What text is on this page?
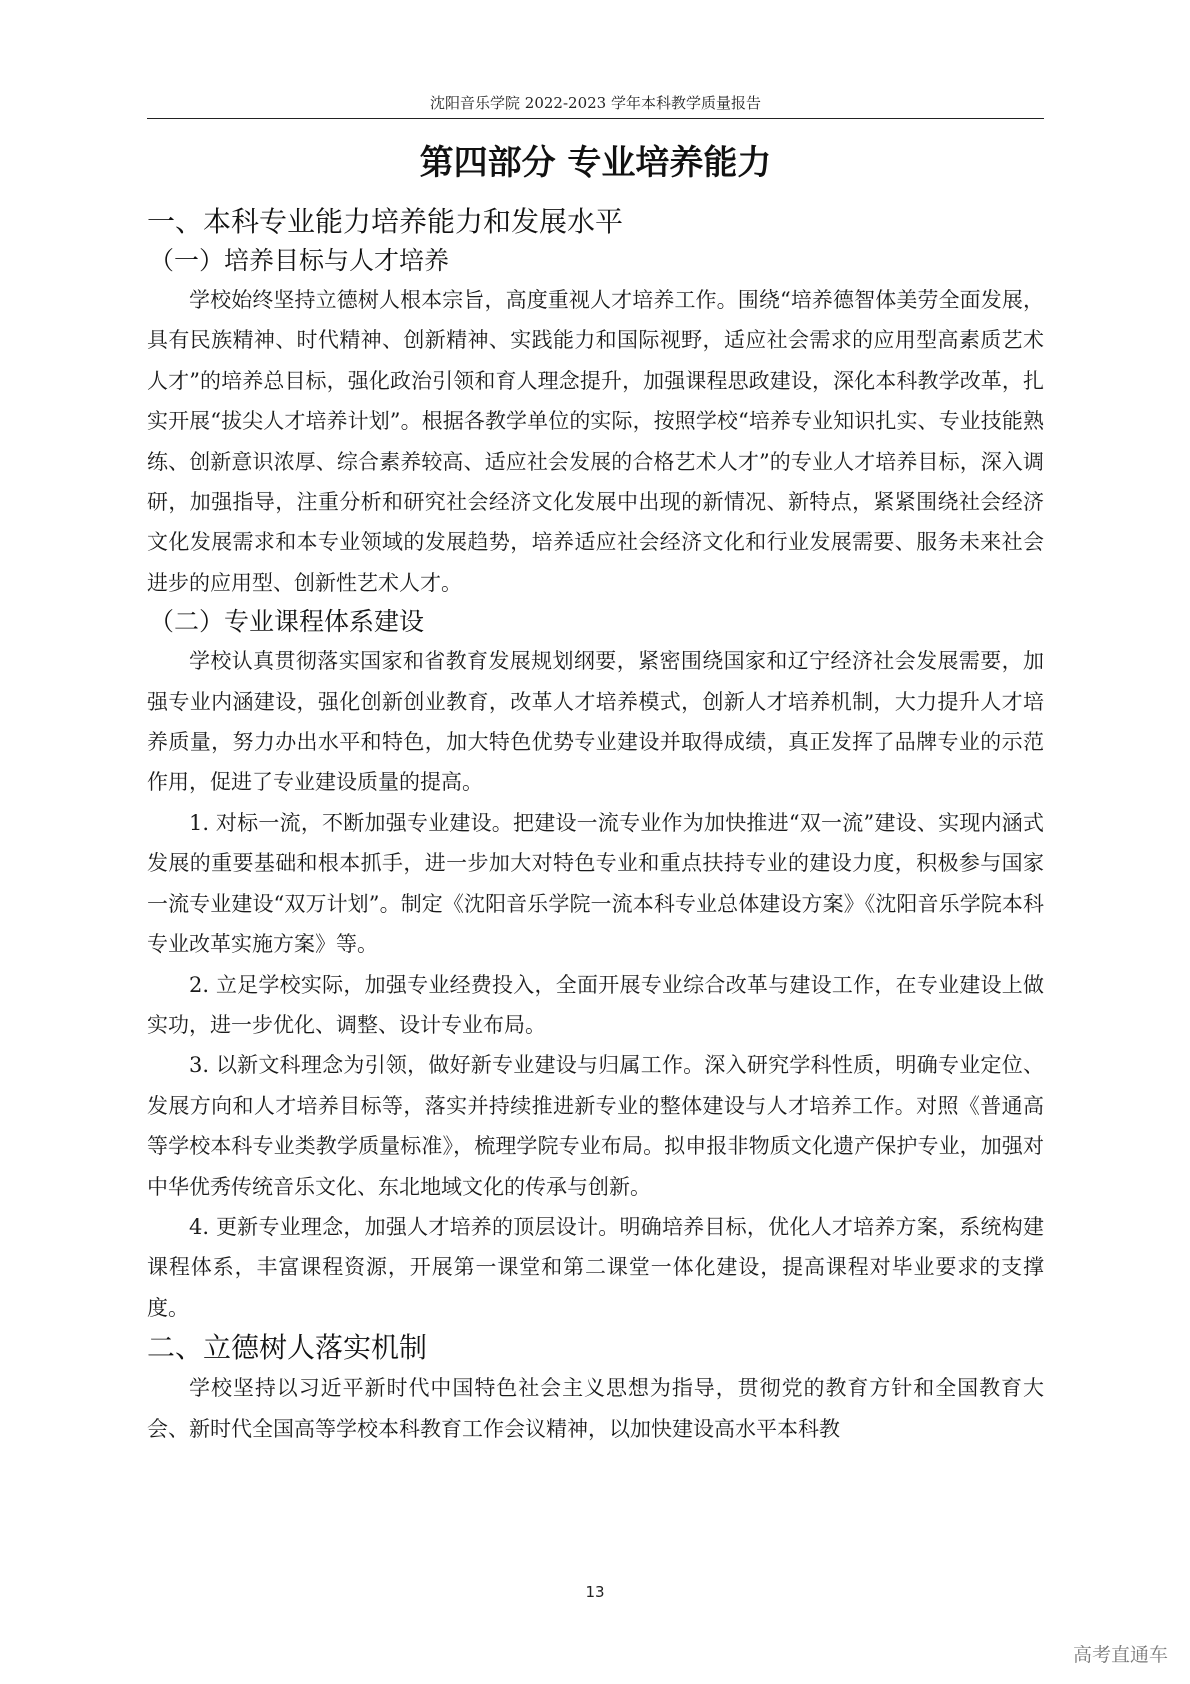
沈阳音乐学院 2022-2023 学年本科教学质量报告
第四部分 专业培养能力
一、本科专业能力培养能力和发展水平
（一）培养目标与人才培养

学校始终坚持立德树人根本宗旨，高度重视人才培养工作。围绕“培养德智体美劳全面发展，具有民族精神、时代精神、创新精神、实践能力和国际视野，适应社会需求的应用型高素质艺术人才”的培养总目标，强化政治引领和育人理念提升，加强课程思政建设，深化本科教学改革，扎实开展“拔尖人才培养计划”。根据各教学单位的实际，按照学校“培养专业知识扎实、专业技能熟练、创新意识浓厚、综合素养较高、适应社会发展的合格艺术人才”的专业人才培养目标，深入调研，加强指导，注重分析和研究社会经济文化发展中出现的新情况、新特点，紧紧围绕社会经济文化发展需求和本专业领域的发展趋势，培养适应社会经济文化和行业发展需要、服务未来社会进步的应用型、创新性艺术人才。

（二）专业课程体系建设

学校认真贯彻落实国家和省教育发展规划纲要，紧密围绕国家和辽宁经济社会发展需要，加强专业内涵建设，强化创新创业教育，改革人才培养模式，创新人才培养机制，大力提升人才培养质量，努力办出水平和特色，加大特色优势专业建设并取得成绩，真正发挥了品牌专业的示范作用，促进了专业建设质量的提高。

1. 对标一流，不断加强专业建设。把建设一流专业作为加快推进“双一流”建设、实现内涵式发展的重要基础和根本抓手，进一步加大对特色专业和重点扶持专业的建设力度，积极参与国家一流专业建设“双万计划”。制定《沈阳音乐学院一流本科专业总体建设方案》《沈阳音乐学院本科专业改革实施方案》等。

2. 立足学校实际，加强专业经费投入，全面开展专业综合改革与建设工作，在专业建设上做实功，进一步优化、调整、设计专业布局。

3. 以新文科理念为引领，做好新专业建设与归属工作。深入研究学科性质，明确专业定位、发展方向和人才培养目标等，落实并持续推进新专业的整体建设与人才培养工作。对照《普通高等学校本科专业类教学质量标准》，梳理学院专业布局。拟申报非物质文化遗产保护专业，加强对中华优秀传统音乐文化、东北地域文化的传承与创新。

4. 更新专业理念，加强人才培养的顶层设计。明确培养目标，优化人才培养方案，系统构建课程体系，丰富课程资源，开展第一课堂和第二课堂一体化建设，提高课程对毕业要求的支撑度。

二、立德树人落实机制

学校坚持以习近平新时代中国特色社会主义思想为指导，贯彻党的教育方针和全国教育大会、新时代全国高等学校本科教育工作会议精神，以加快建设高水平本科教

13
高考直通车
